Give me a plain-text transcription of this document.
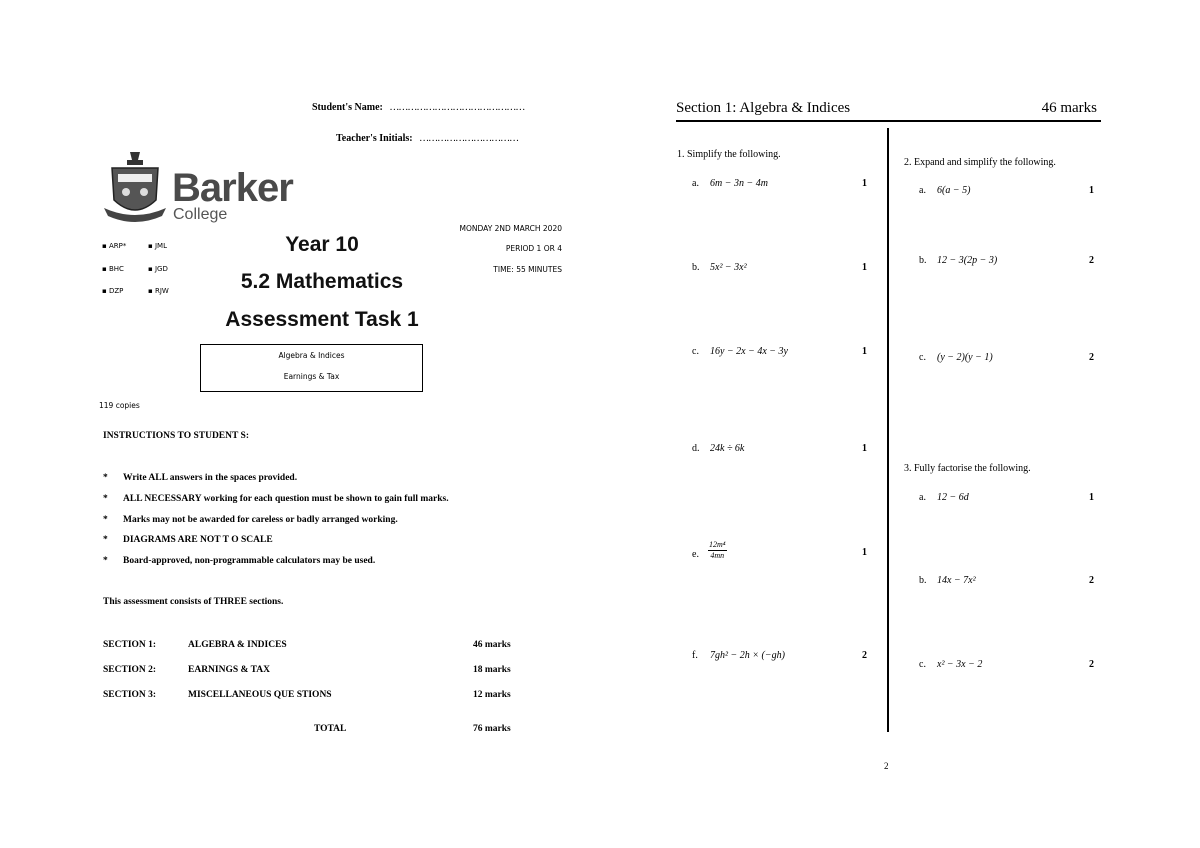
Student's Name: ………………………………………
Teacher's Initials: ……………………………
Barker
College
▪ ARP*	▪ JML
▪ BHC	▪ JGD
▪ DZP	▪ RJW
Year 10
5.2 Mathematics
Assessment Task 1
MONDAY 2ND MARCH 2020
PERIOD 1 OR 4
TIME: 55 MINUTES
Algebra & Indices
Earnings & Tax
119 copies
INSTRUCTIONS TO STUDENT S:
* Write ALL answers in the spaces provided.
* ALL NECESSARY working for each question must be shown to gain full marks.
* Marks may not be awarded for careless or badly arranged working.
* DIAGRAMS ARE NOT T O SCALE
* Board-approved, non-programmable calculators may be used.
This assessment consists of THREE sections.
SECTION 1:	ALGEBRA & INDICES	46 marks
SECTION 2:	EARNINGS & TAX	18 marks
SECTION 3:	MISCELLANEOUS QUE STIONS	12 marks
TOTAL	76 marks
Section 1: Algebra & Indices	46 marks
1. Simplify the following.
a. 6m − 3n − 4m	1
b. 5x² − 3x²	1
c. 16y − 2x − 4x − 3y	1
d. 24k ÷ 6k	1
e. $\frac{\text{12m⁴}}{4mn}$	1
f. 7gh² − 2h × (−gh)	2
2. Expand and simplify the following.
a. 6(a − 5)	1
b. 12 − 3(2p − 3)	2
c. (y − 2)(y − 1)	2
3. Fully factorise the following.
a. 12 − 6d	1
b. 14x − 7x²	2
c. x² − 3x − 2	2
2
